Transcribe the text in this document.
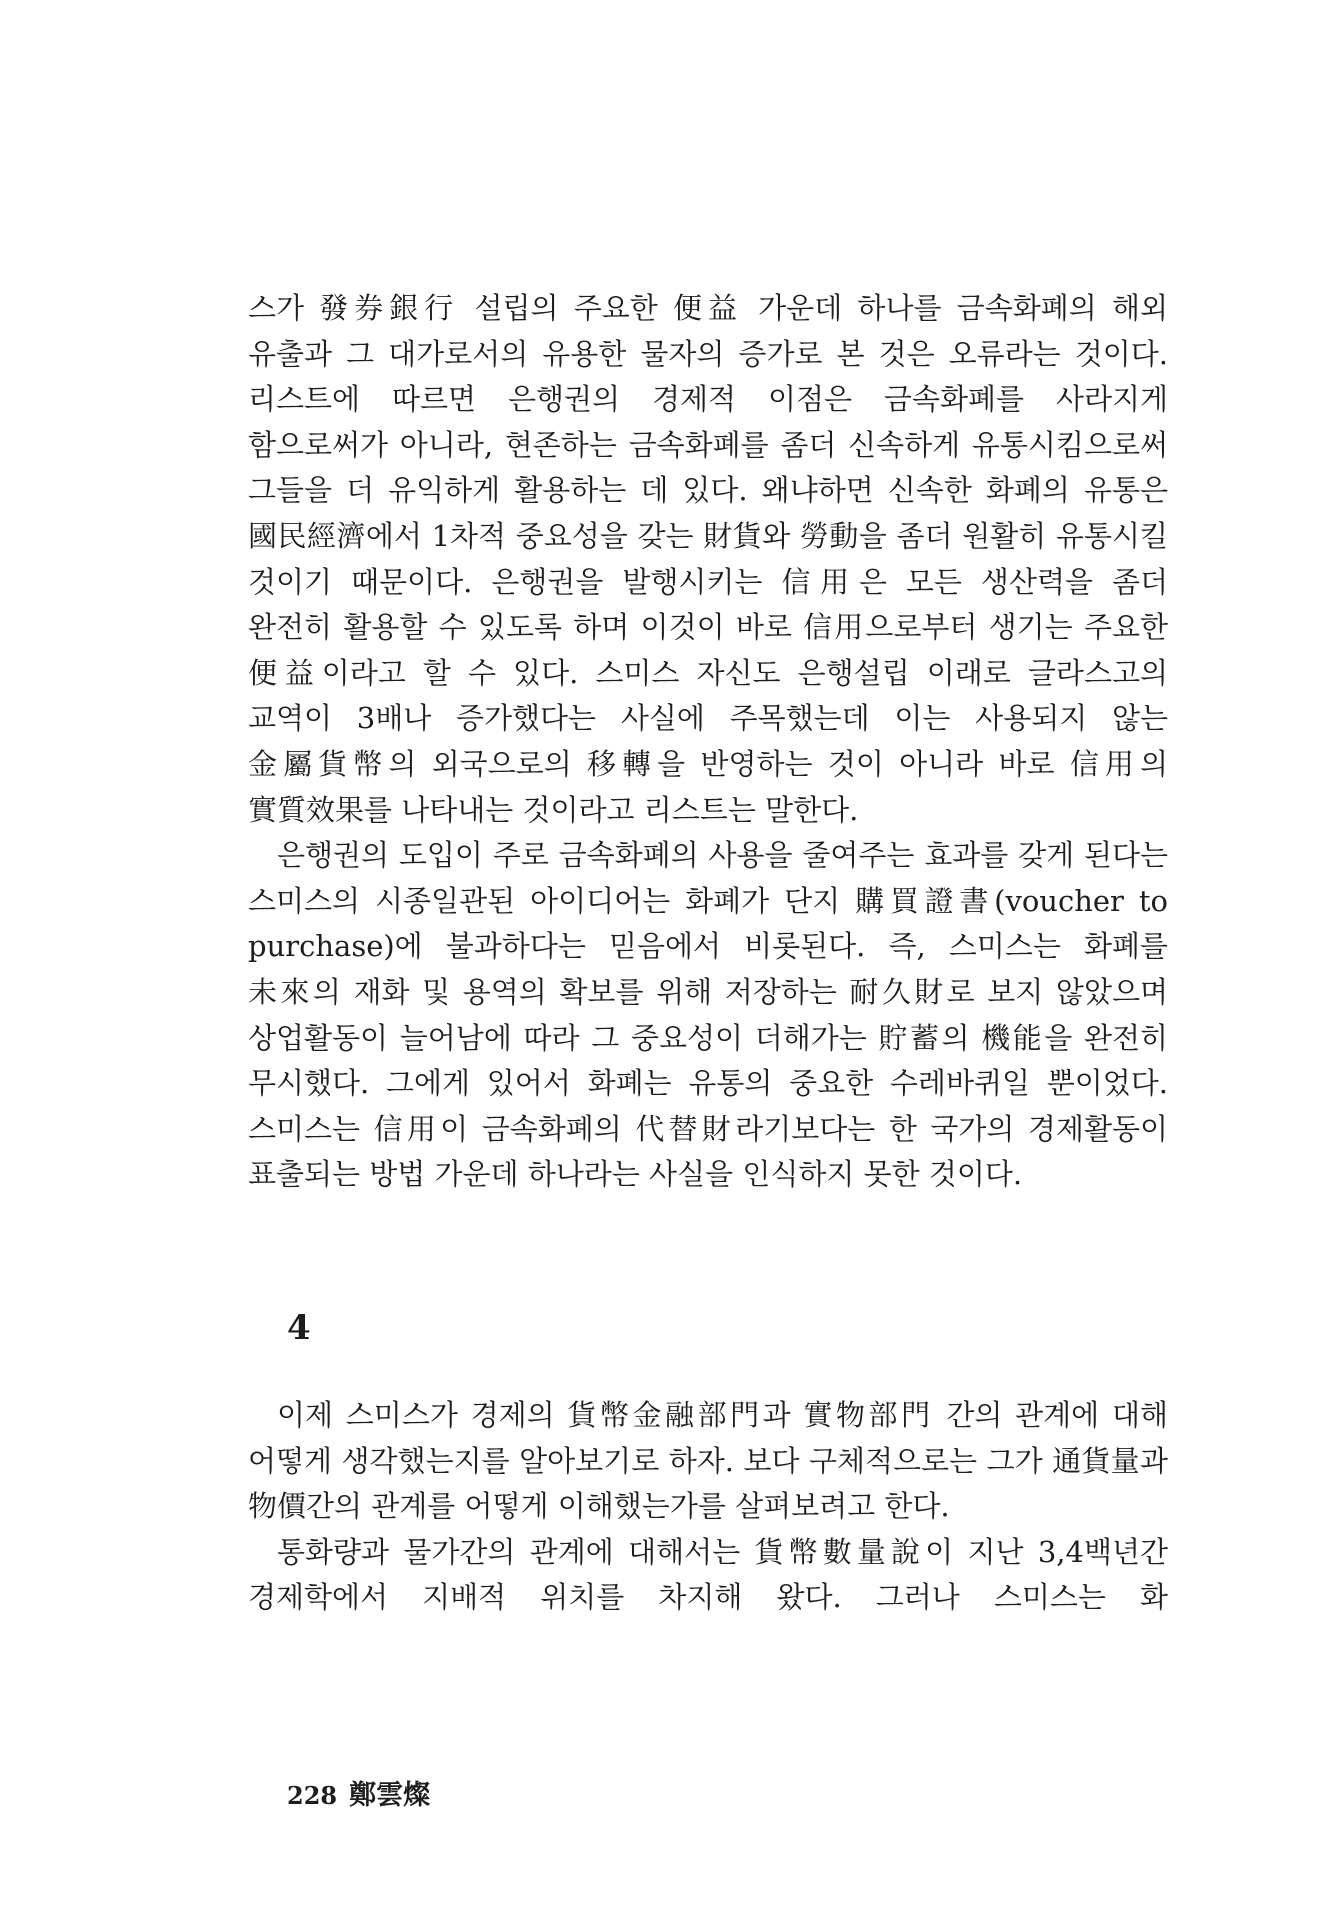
스가 發券銀行 설립의 주요한 便益 가운데 하나를 금속화폐의 해외 유출과 그 대가로서의 유용한 물자의 증가로 본 것은 오류라는 것이다. 리스트에 따르면 은행권의 경제적 이점은 금속화폐를 사라지게 함으로써가 아니라, 현존하는 금속화폐를 좀더 신속하게 유통시킴으로써 그들을 더 유익하게 활용하는 데 있다. 왜냐하면 신속한 화폐의 유통은 國民經濟에서 1차적 중요성을 갖는 財貨와 勞動을 좀더 원활히 유통시킬 것이기 때문이다. 은행권을 발행시키는 信用은 모든 생산력을 좀더 완전히 활용할 수 있도록 하며 이것이 바로 信用으로부터 생기는 주요한 便益이라고 할 수 있다. 스미스 자신도 은행설립 이래로 글라스고의 교역이 3배나 증가했다는 사실에 주목했는데 이는 사용되지 않는 金屬貨幣의 외국으로의 移轉을 반영하는 것이 아니라 바로 信用의 實質效果를 나타내는 것이라고 리스트는 말한다.

은행권의 도입이 주로 금속화폐의 사용을 줄여주는 효과를 갖게 된다는 스미스의 시종일관된 아이디어는 화폐가 단지 購買證書(voucher to purchase)에 불과하다는 믿음에서 비롯된다. 즉, 스미스는 화폐를 未來의 재화 및 용역의 확보를 위해 저장하는 耐久財로 보지 않았으며 상업활동이 늘어남에 따라 그 중요성이 더해가는 貯蓄의 機能을 완전히 무시했다. 그에게 있어서 화폐는 유통의 중요한 수레바퀴일 뿐이었다. 스미스는 信用이 금속화폐의 代替財라기보다는 한 국가의 경제활동이 표출되는 방법 가운데 하나라는 사실을 인식하지 못한 것이다.

4

이제 스미스가 경제의 貨幣金融部門과 實物部門 간의 관계에 대해 어떻게 생각했는지를 알아보기로 하자. 보다 구체적으로는 그가 通貨量과 物價간의 관계를 어떻게 이해했는가를 살펴보려고 한다.

통화량과 물가간의 관계에 대해서는 貨幣數量說이 지난 3,4백년간 경제학에서 지배적 위치를 차지해 왔다. 그러나 스미스는 화

228 鄭雲燦
